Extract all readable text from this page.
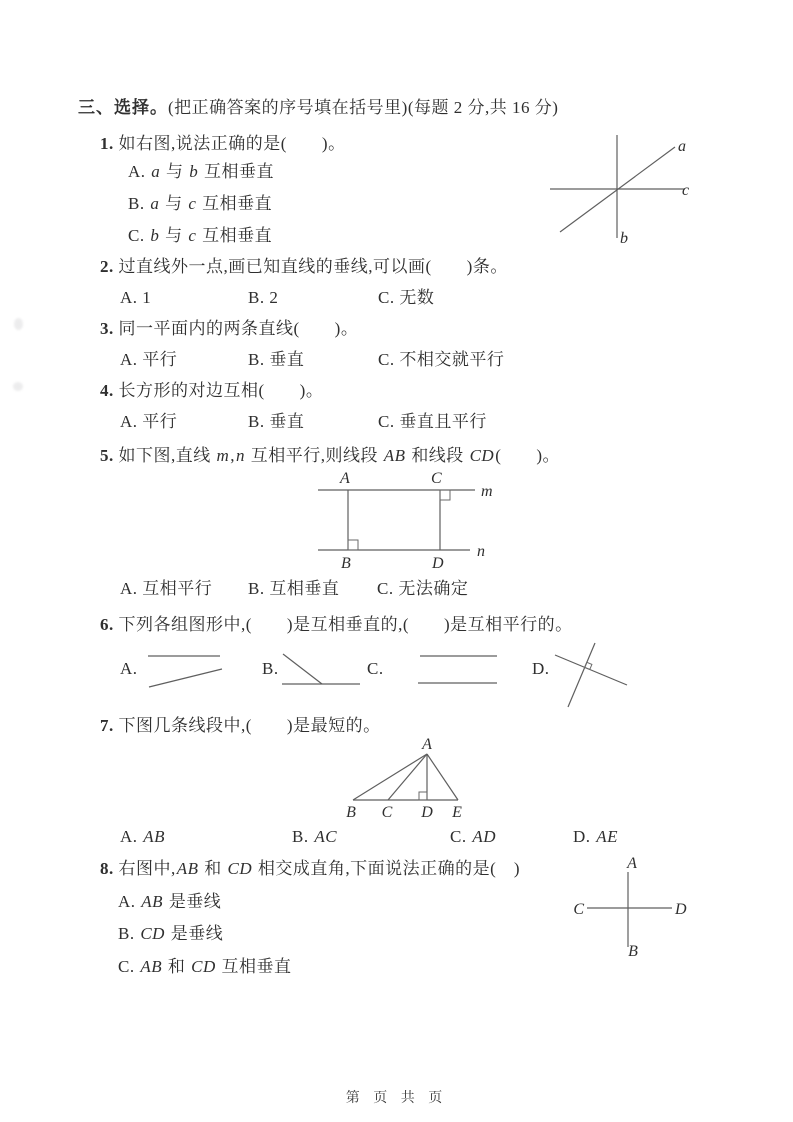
三、选择。(把正确答案的序号填在括号里)(每题 2 分,共 16 分)
1. 如右图,说法正确的是(　　)。
A. a 与 b 互相垂直
B. a 与 c 互相垂直
C. b 与 c 互相垂直
a
c
b
2. 过直线外一点,画已知直线的垂线,可以画(　　)条。
A. 1	B. 2	C. 无数
3. 同一平面内的两条直线(　　)。
A. 平行	B. 垂直	C. 不相交就平行
4. 长方形的对边互相(　　)。
A. 平行	B. 垂直	C. 垂直且平行
5. 如下图,直线 m,n 互相平行,则线段 AB 和线段 CD(　　)。
A	C
m
B	D
n
A. 互相平行 B. 互相垂直 C. 无法确定
6. 下列各组图形中,(　　)是互相垂直的,(　　)是互相平行的。
A.	B.	C.	D.
7. 下图几条线段中,(　　)是最短的。
A
B C D E
A. AB	B. AC	C. AD	D. AE
8. 右图中,AB 和 CD 相交成直角,下面说法正确的是(　)
A. AB 是垂线
B. CD 是垂线
C. AB 和 CD 互相垂直
A
B
C	D
第 页 共 页
